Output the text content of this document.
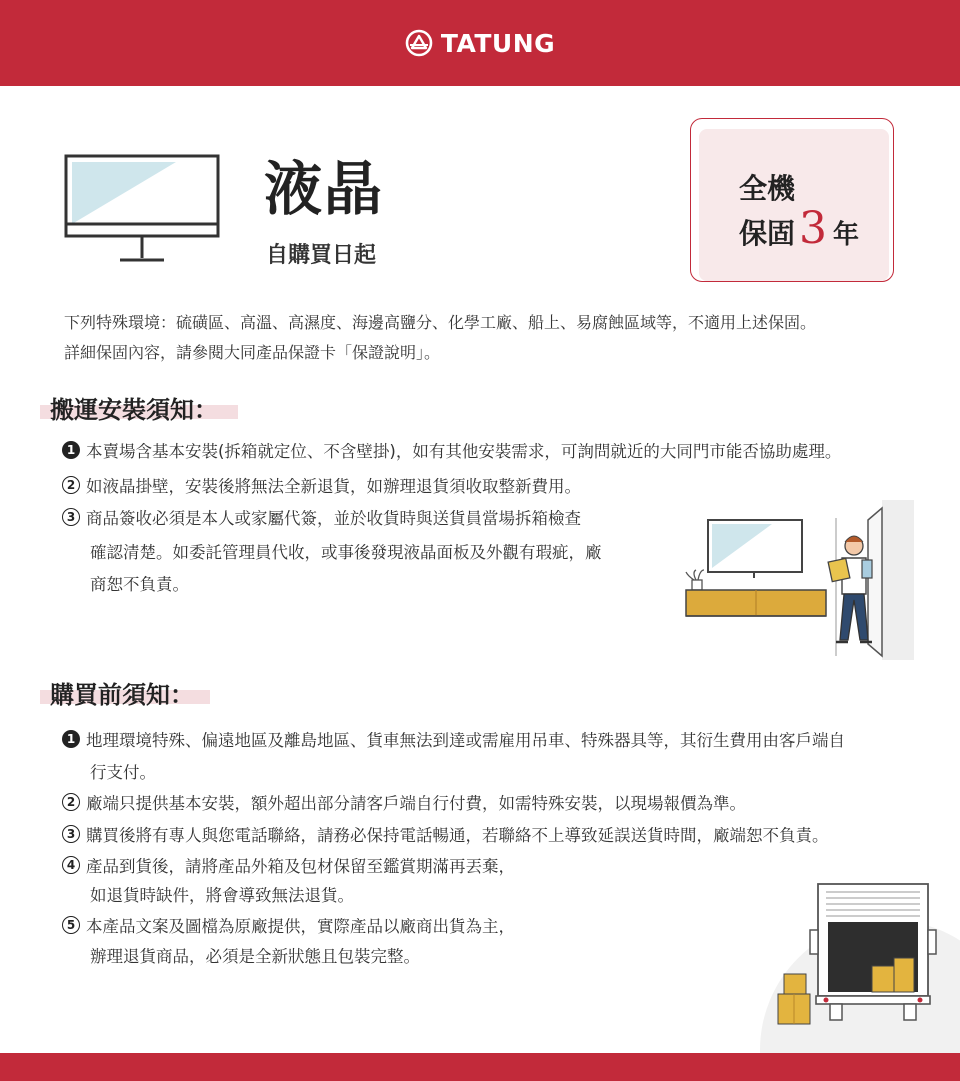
TATUNG
液晶
自購買日起
全機
保固 3 年
下列特殊環境：硫磺區、高溫、高濕度、海邊高鹽分、化學工廠、船上、易腐蝕區域等，不適用上述保固。
詳細保固內容，請參閱大同產品保證卡「保證說明」。
搬運安裝須知：
1 本賣場含基本安裝(拆箱就定位、不含壁掛)，如有其他安裝需求，可詢問就近的大同門市能否協助處理。
2 如液晶掛壁，安裝後將無法全新退貨，如辦理退貨須收取整新費用。
3 商品簽收必須是本人或家屬代簽，並於收貨時與送貨員當場拆箱檢查
確認清楚。如委託管理員代收，或事後發現液晶面板及外觀有瑕疵，廠
商恕不負責。
購買前須知：
1 地理環境特殊、偏遠地區及離島地區、貨車無法到達或需雇用吊車、特殊器具等，其衍生費用由客戶端自
行支付。
2 廠端只提供基本安裝，額外超出部分請客戶端自行付費，如需特殊安裝，以現場報價為準。
3 購買後將有專人與您電話聯絡，請務必保持電話暢通，若聯絡不上導致延誤送貨時間，廠端恕不負責。
4 產品到貨後，請將產品外箱及包材保留至鑑賞期滿再丟棄，
如退貨時缺件，將會導致無法退貨。
5 本產品文案及圖檔為原廠提供，實際產品以廠商出貨為主，
辦理退貨商品，必須是全新狀態且包裝完整。
